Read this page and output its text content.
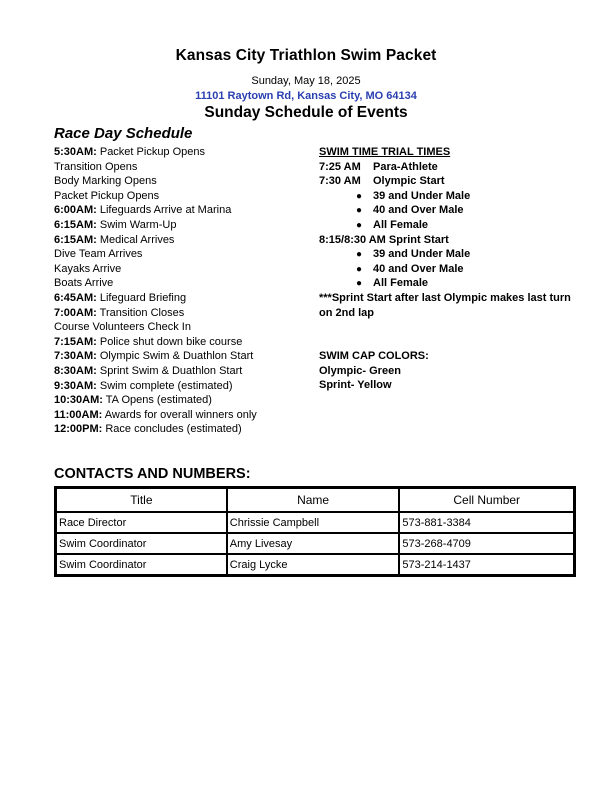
Kansas City Triathlon Swim Packet
Sunday, May 18, 2025
11101 Raytown Rd, Kansas City, MO 64134
Sunday Schedule of Events
Race Day Schedule
5:30AM: Packet Pickup Opens
Transition Opens
Body Marking Opens
Packet Pickup Opens
6:00AM: Lifeguards Arrive at Marina
6:15AM: Swim Warm-Up
6:15AM: Medical Arrives
Dive Team Arrives
Kayaks Arrive
Boats Arrive
6:45AM: Lifeguard Briefing
7:00AM: Transition Closes
Course Volunteers Check In
7:15AM: Police shut down bike course
7:30AM: Olympic Swim & Duathlon Start
8:30AM: Sprint Swim & Duathlon Start
9:30AM: Swim complete (estimated)
10:30AM: TA Opens (estimated)
11:00AM: Awards for overall winners only
12:00PM: Race concludes (estimated)
SWIM TIME TRIAL TIMES
7:25 AM Para-Athlete
7:30 AM Olympic Start
● 39 and Under Male
● 40 and Over Male
● All Female
8:15/8:30 AM Sprint Start
● 39 and Under Male
● 40 and Over Male
● All Female
***Sprint Start after last Olympic makes last turn on 2nd lap
SWIM CAP COLORS:
Olympic- Green
Sprint- Yellow
CONTACTS AND NUMBERS:
Title	Name	Cell Number
Race Director	Chrissie Campbell	573-881-3384
Swim Coordinator	Amy Livesay	573-268-4709
Swim Coordinator	Craig Lycke	573-214-1437
